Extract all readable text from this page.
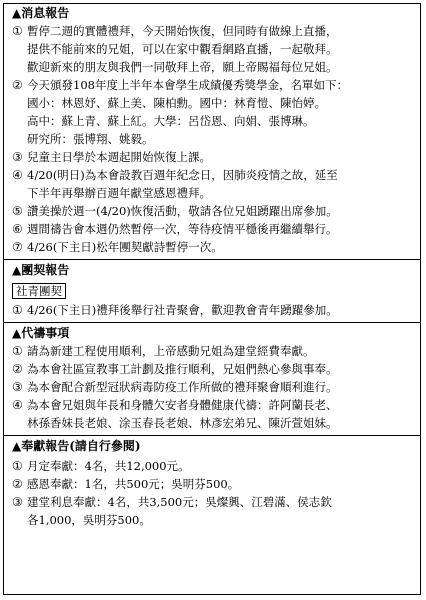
▲消息報告
① 暫停二週的實體禮拜，今天開始恢復，但同時有做線上直播，
提供不能前來的兄姐，可以在家中觀看網路直播，一起敬拜。
歡迎新來的朋友與我們一同敬拜上帝，願上帝賜福每位兄姐。
② 今天頒發108年度上半年本會學生成績優秀獎學金，名單如下：
國小：林恩妤、蘇上美、陳柏勳。國中：林育愷、陳怡婷。
高中：蘇上青、蘇上紅。大學：呂岱恩、向娟、張博琳。
研究所：張博翔、姚毅。
③ 兒童主日學於本週起開始恢復上課。
④ 4/20(明日)為本會設教百週年紀念日，因肺炎疫情之故，延至
下半年再舉辦百週年獻堂感恩禮拜。
⑤ 讚美操於週一(4/20)恢復活動，敬請各位兄姐踴躍出席參加。
⑥ 週間禱告會本週仍然暫停一次，等待疫情平穩後再繼續舉行。
⑦ 4/26(下主日)松年團契獻詩暫停一次。
▲團契報告
社青團契
① 4/26(下主日)禮拜後舉行社青聚會，歡迎教會青年踴躍參加。
▲代禱事項
① 請為新建工程使用順利，上帝感動兄姐為建堂經費奉獻。
② 為本會社區宣教事工計劃及推行順利，兄姐們熱心參與事奉。
③ 為本會配合新型冠狀病毒防疫工作所做的禮拜聚會順利進行。
④ 為本會兄姐與年長和身體欠安者身體健康代禱：許阿蘭長老、
林孫香妹長老娘、涂玉春長老娘、林彥宏弟兄、陳沂萱姐妹。
▲奉獻報告(請自行參閱)
① 月定奉獻：4名，共12,000元。
② 感恩奉獻：1名，共500元；吳明芬500。
③ 建堂利息奉獻：4名，共3,500元；吳燦興、江碧滿、侯志欽
各1,000，吳明芬500。
